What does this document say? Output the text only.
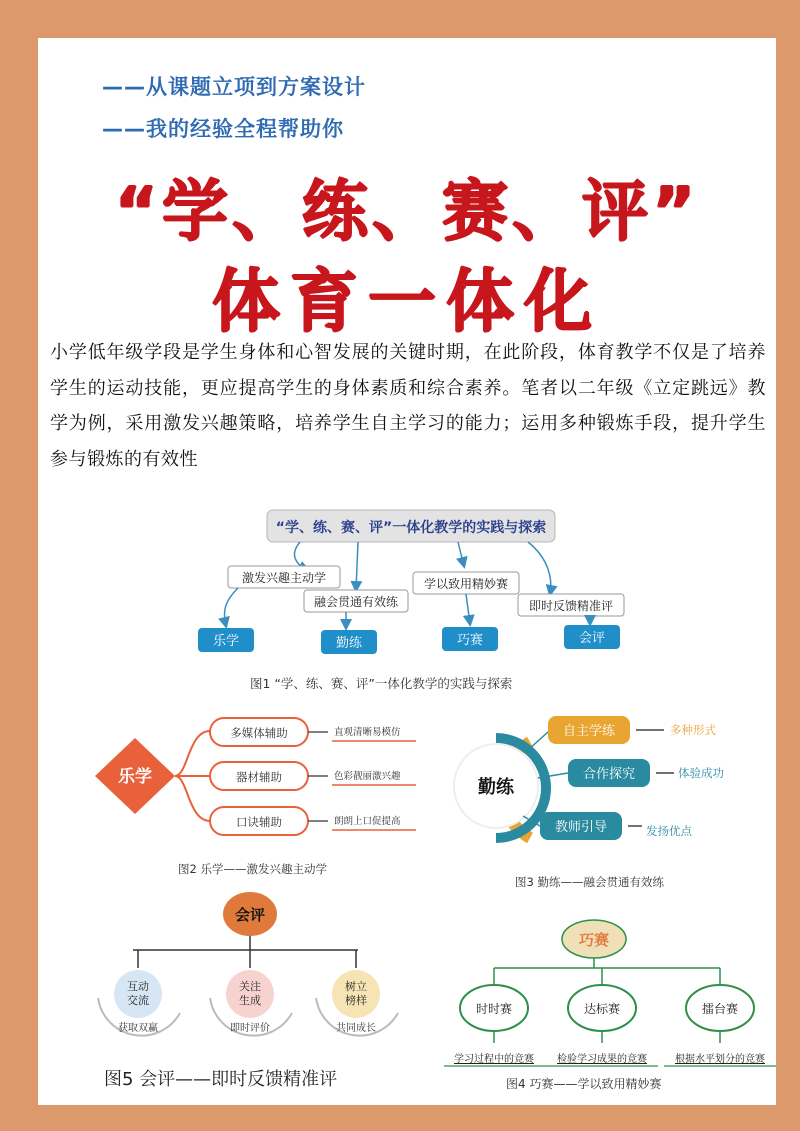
——从课题立项到方案设计
——我的经验全程帮助你
“学、练、赛、评”
体育一体化
小学低年级学段是学生身体和心智发展的关键时期，在此阶段，体育教学不仅是了培养学生的运动技能，更应提高学生的身体素质和综合素养。笔者以二年级《立定跳远》教学为例，采用激发兴趣策略，培养学生自主学习的能力；运用多种锻炼手段，提升学生参与锻炼的有效性
“学、练、赛、评”一体化教学的实践与探索
激发兴趣主动学
融会贯通有效练
学以致用精妙赛
即时反馈精准评
乐学	勤练	巧赛	会评
图1 “学、练、赛、评”一体化教学的实践与探索
乐学
多媒体辅助
器材辅助
口诀辅助
直观清晰易模仿
色彩靓丽激兴趣
朗朗上口促提高
图2 乐学——激发兴趣主动学
勤练
自主学练
合作探究
教师引导
多种形式
体验成功
发扬优点
图3 勤练——融会贯通有效练
会评
互动
交流
关注
生成
树立
榜样
获取双赢	即时评价	共同成长
图5 会评——即时反馈精准评
巧赛
时时赛	达标赛	擂台赛
学习过程中的竞赛 检验学习成果的竞赛	根据水平划分的竞赛
图4 巧赛——学以致用精妙赛
